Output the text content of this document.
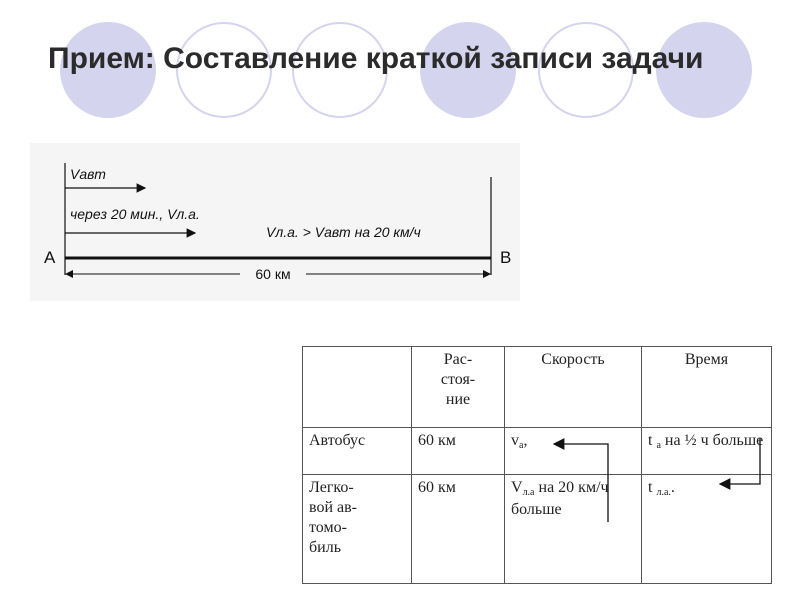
Прием: Составление краткой записи задачи
Vавт
через 20 мин., Vл.а.
Vл.а. > Vавт на 20 км/ч
А	В
60 км
	Рас-
стоя-
ние	Скорость	Время
Автобус	60 км	$v_а$,	t $_а$ на ½ ч больше
Легко-
вой ав-
томо-
биль	60 км	$V_{л.а}$ на 20 км/ч больше	t $_{л.а.}$.
